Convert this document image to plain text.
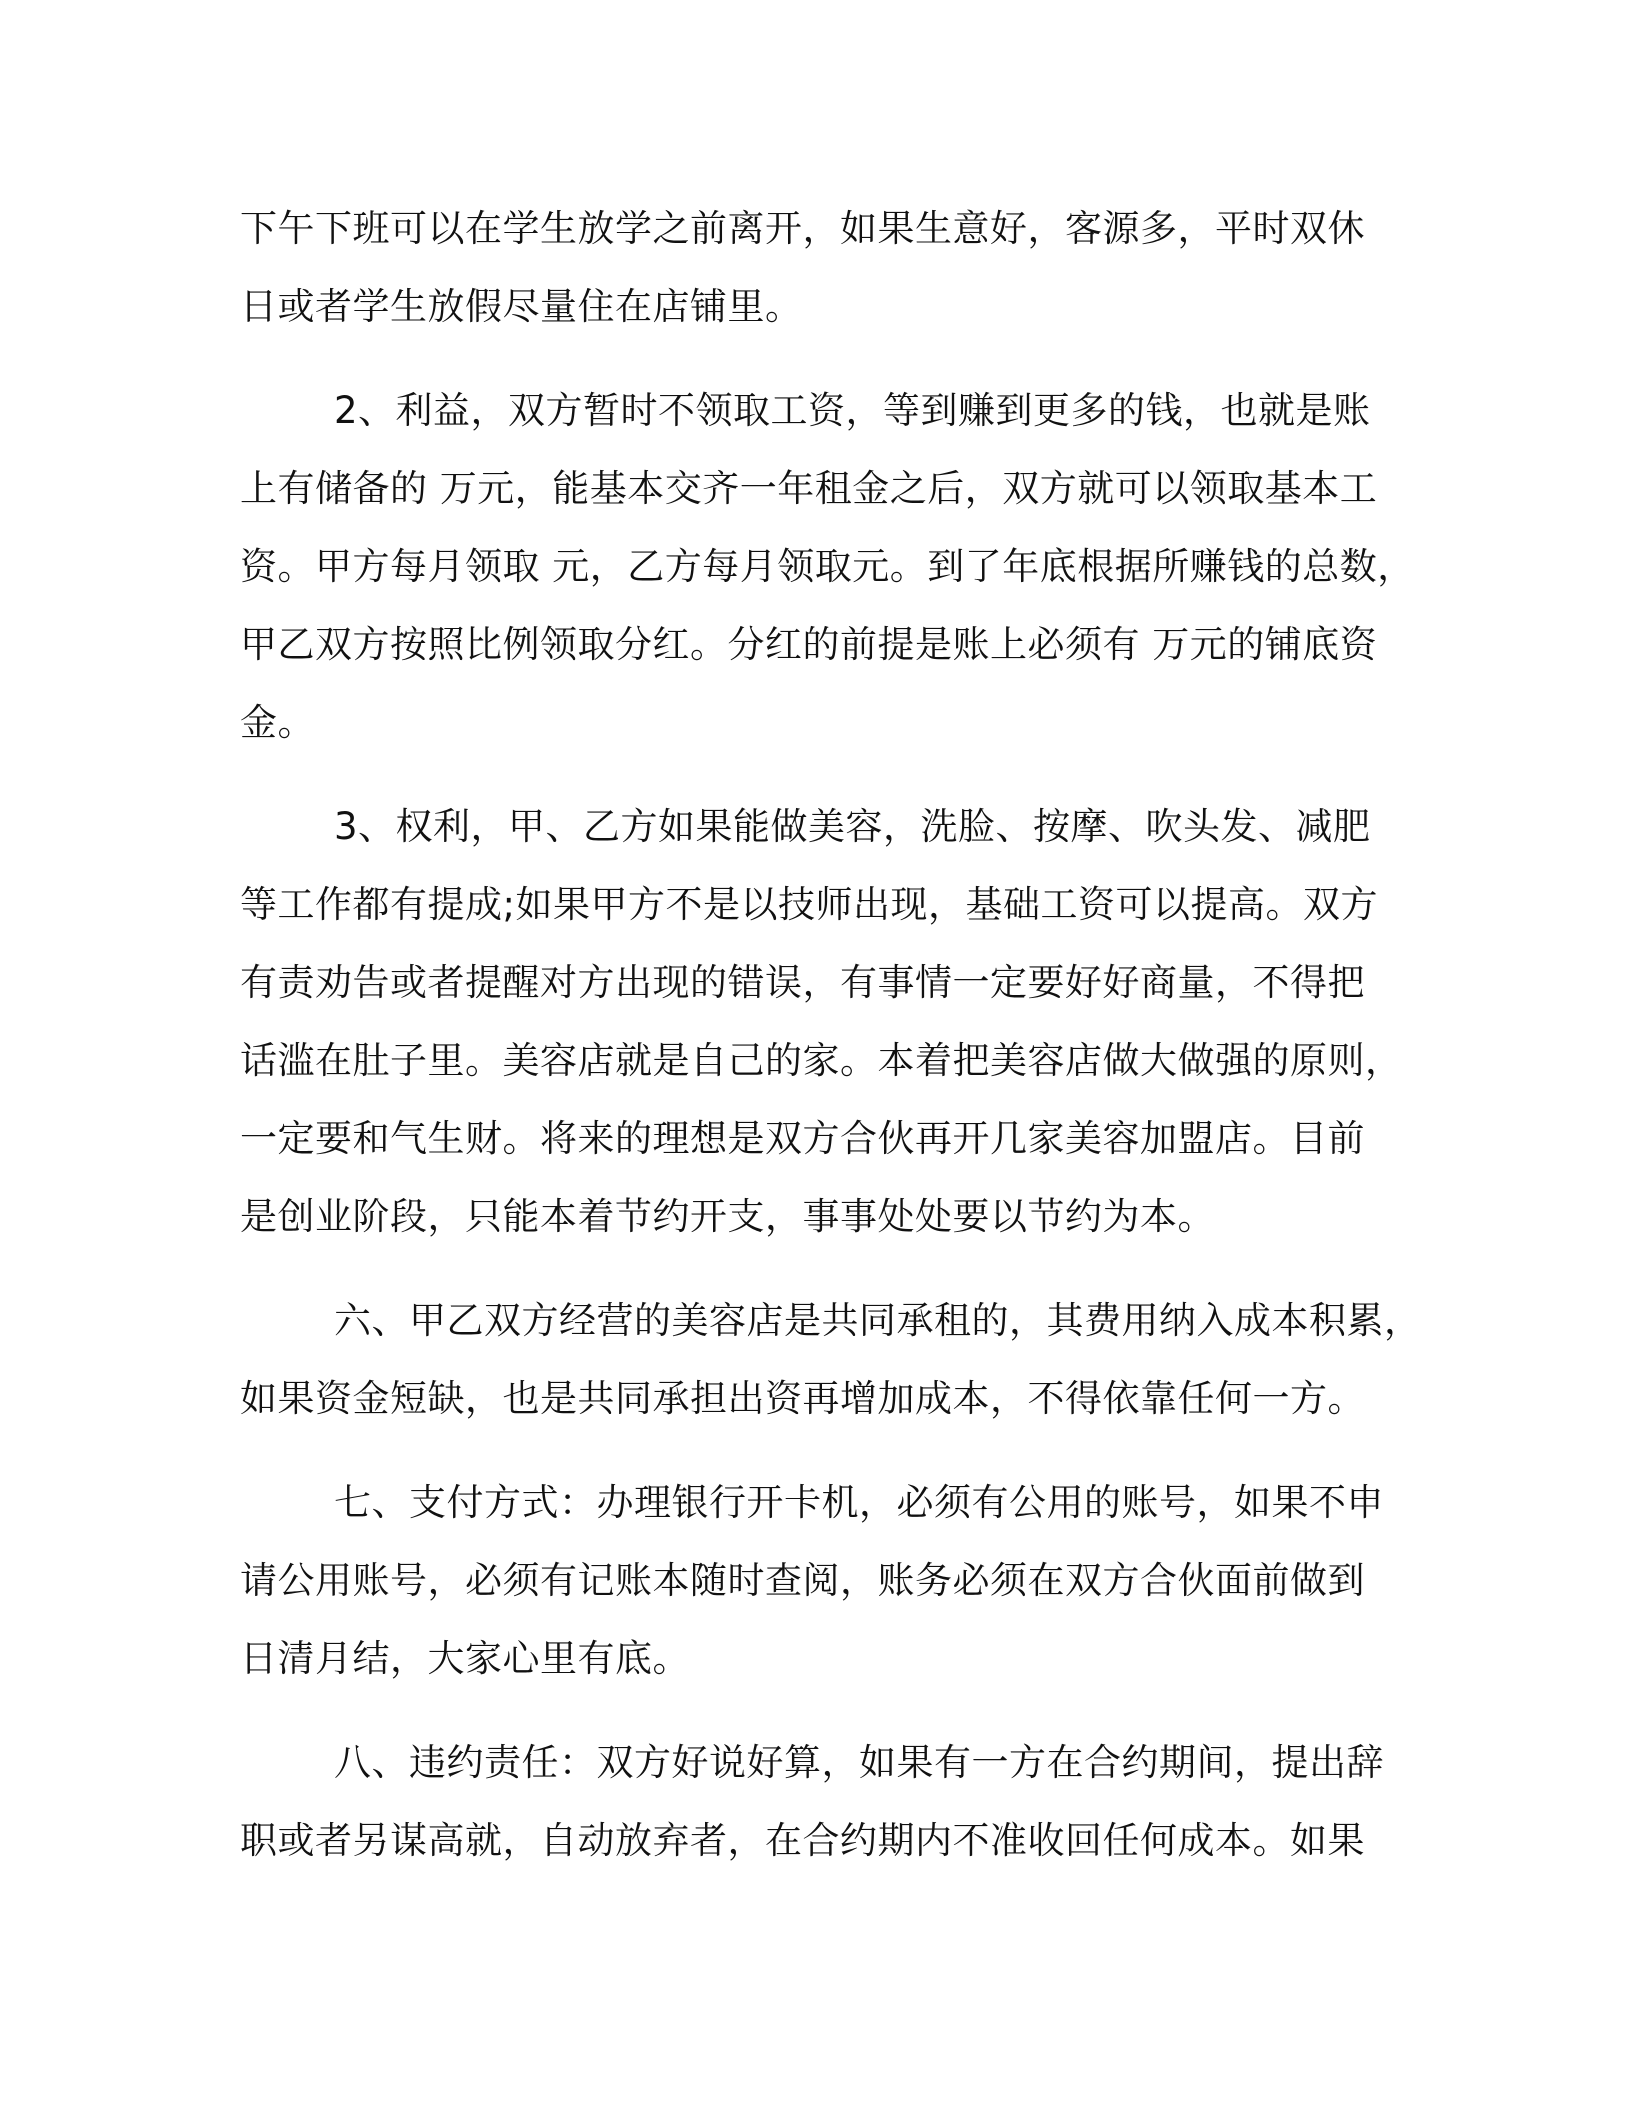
下午下班可以在学生放学之前离开，如果生意好，客源多，平时双休
日或者学生放假尽量住在店铺里。
2、利益，双方暂时不领取工资，等到赚到更多的钱，也就是账
上有储备的 万元，能基本交齐一年租金之后，双方就可以领取基本工
资。甲方每月领取 元，乙方每月领取元。到了年底根据所赚钱的总数，
甲乙双方按照比例领取分红。分红的前提是账上必须有 万元的铺底资
金。
3、权利，甲、乙方如果能做美容，洗脸、按摩、吹头发、减肥
等工作都有提成;如果甲方不是以技师出现，基础工资可以提高。双方
有责劝告或者提醒对方出现的错误，有事情一定要好好商量，不得把
话滥在肚子里。美容店就是自己的家。本着把美容店做大做强的原则，
一定要和气生财。将来的理想是双方合伙再开几家美容加盟店。目前
是创业阶段，只能本着节约开支，事事处处要以节约为本。
六、甲乙双方经营的美容店是共同承租的，其费用纳入成本积累，
如果资金短缺，也是共同承担出资再增加成本，不得依靠任何一方。
七、支付方式：办理银行开卡机，必须有公用的账号，如果不申
请公用账号，必须有记账本随时查阅，账务必须在双方合伙面前做到
日清月结，大家心里有底。
八、违约责任：双方好说好算，如果有一方在合约期间，提出辞
职或者另谋高就，自动放弃者，在合约期内不准收回任何成本。如果
